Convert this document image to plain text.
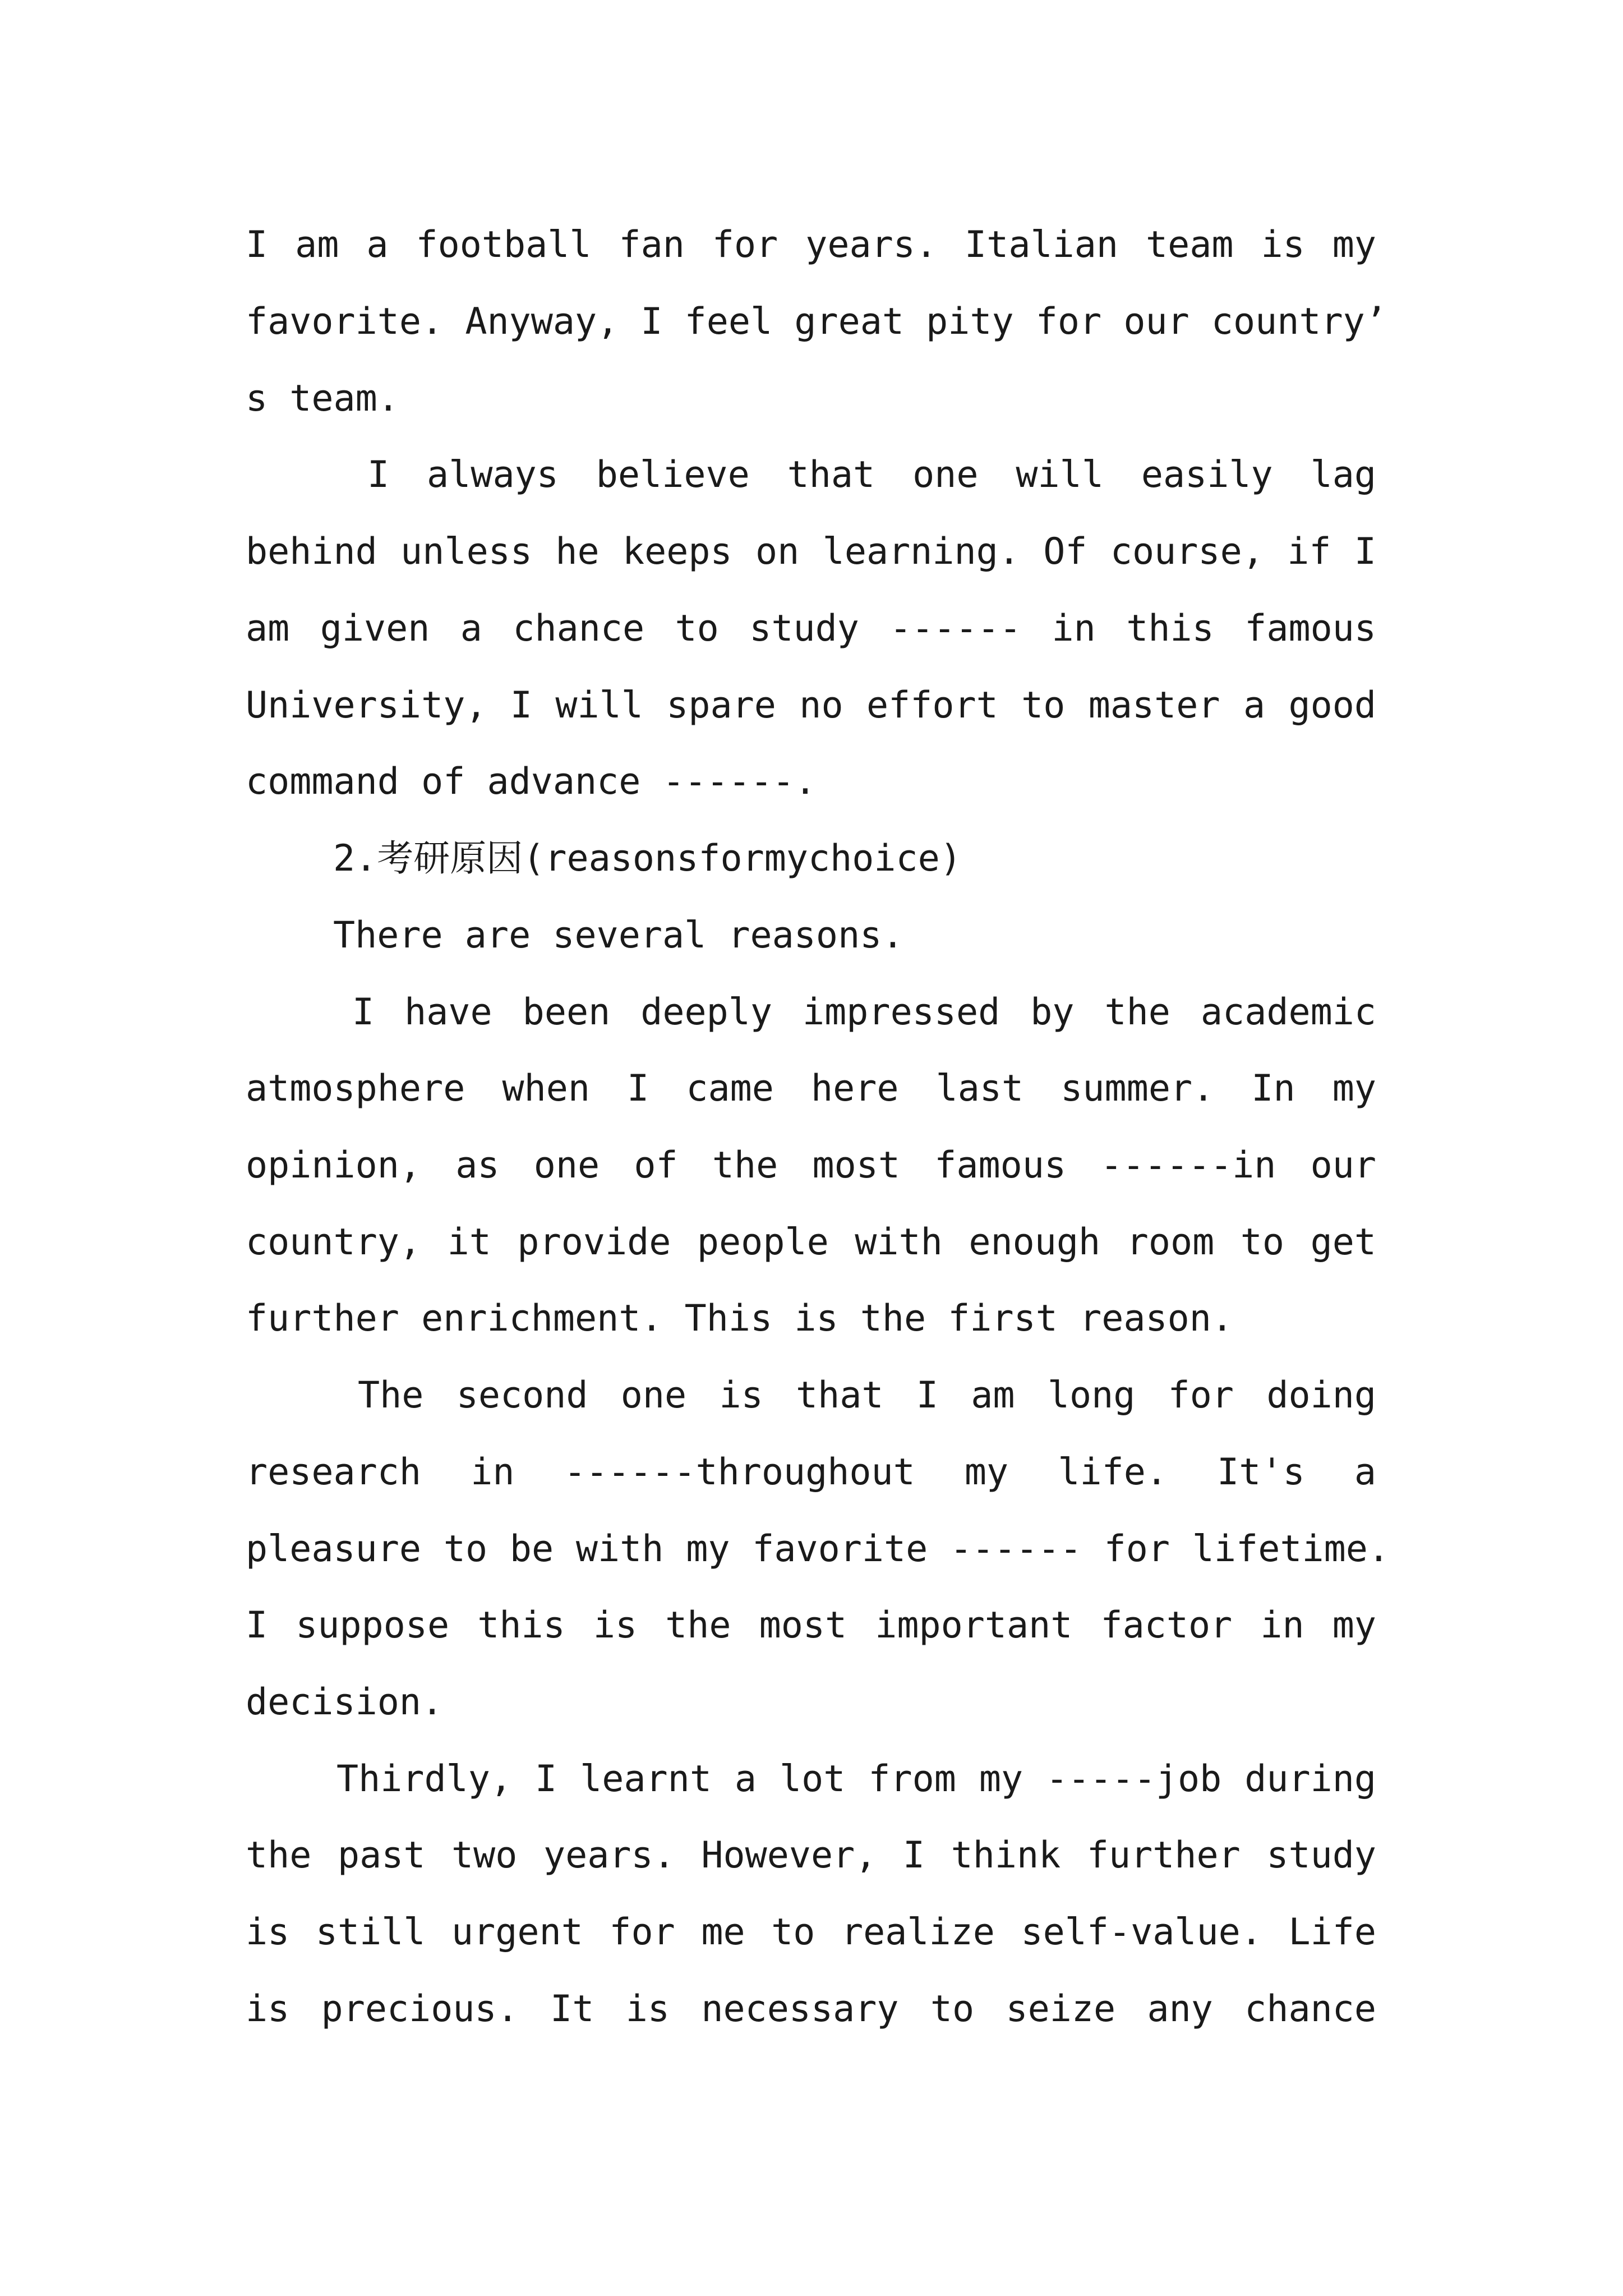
I am a football fan for years. Italian team is my
favorite. Anyway, I feel great pity for our country’
s team.
I always believe that one will easily lag
behind unless he keeps on learning. Of course, if I
am given a chance to study ------ in this famous
University, I will spare no effort to master a good
command of advance ------.
2.考研原因(reasonsformychoice)
There are several reasons.
I have been deeply impressed by the academic
atmosphere when I came here last summer. In my
opinion, as one of the most famous ------in our
country, it provide people with enough room to get
further enrichment. This is the first reason.
The second one is that I am long for doing
research in ------throughout my life. It's a
pleasure to be with my favorite ------ for lifetime.
I suppose this is the most important factor in my
decision.
Thirdly, I learnt a lot from my -----job during
the past two years. However, I think further study
is still urgent for me to realize self-value. Life
is precious. It is necessary to seize any chance
